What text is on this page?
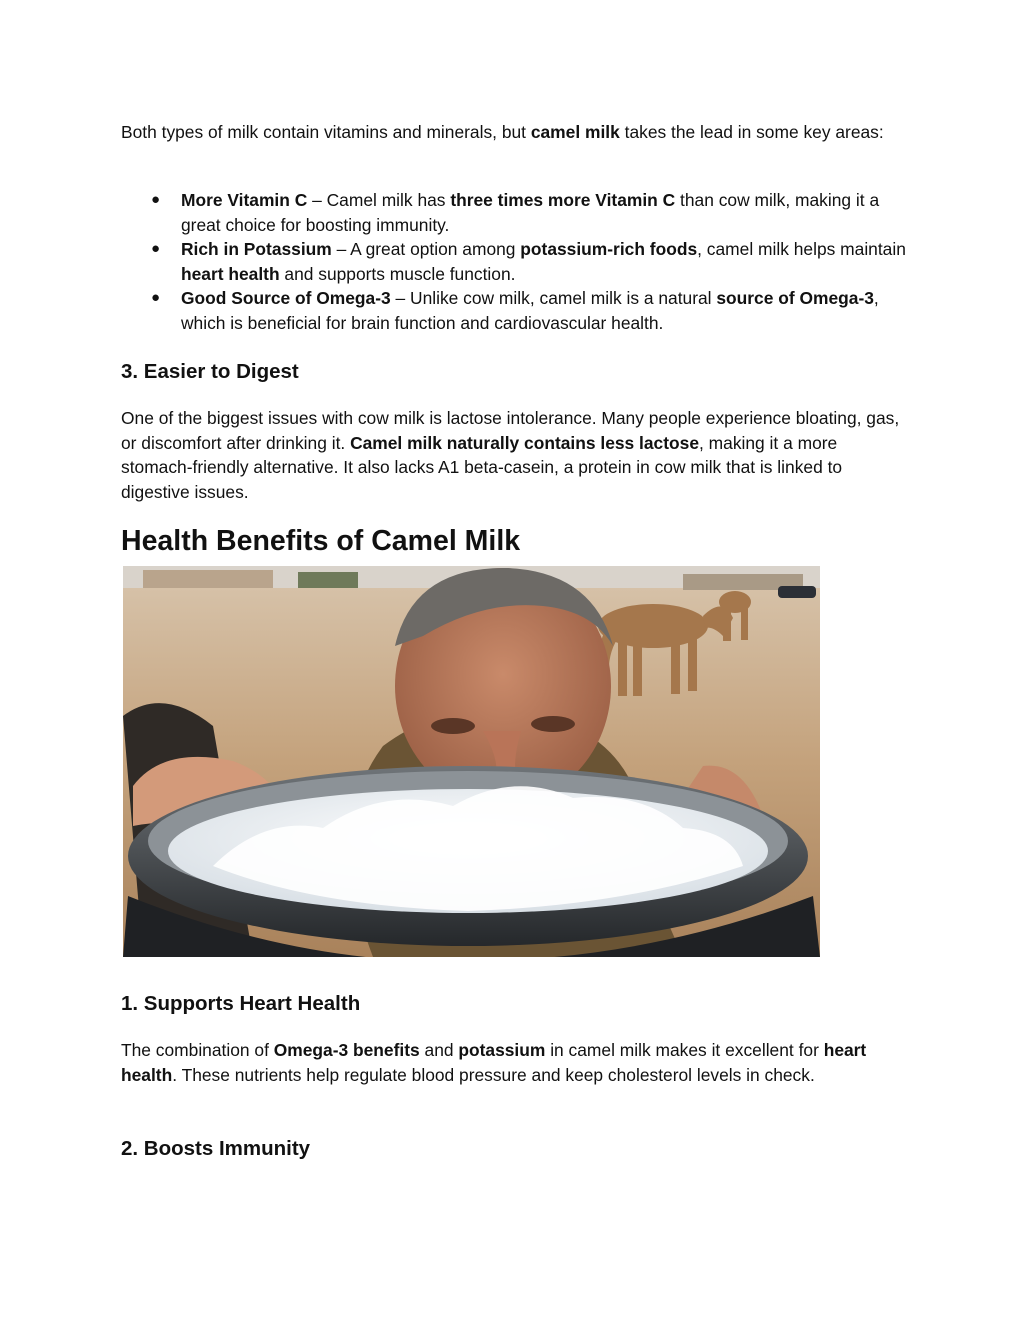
Both types of milk contain vitamins and minerals, but camel milk takes the lead in some key areas:

● More Vitamin C – Camel milk has three times more Vitamin C than cow milk, making it a great choice for boosting immunity.

● Rich in Potassium – A great option among potassium-rich foods, camel milk helps maintain heart health and supports muscle function.

● Good Source of Omega-3 – Unlike cow milk, camel milk is a natural source of Omega-3, which is beneficial for brain function and cardiovascular health.

3. Easier to Digest

One of the biggest issues with cow milk is lactose intolerance. Many people experience bloating, gas, or discomfort after drinking it. Camel milk naturally contains less lactose, making it a more stomach-friendly alternative. It also lacks A1 beta-casein, a protein in cow milk that is linked to digestive issues.

Health Benefits of Camel Milk
1. Supports Heart Health

The combination of Omega-3 benefits and potassium in camel milk makes it excellent for heart health. These nutrients help regulate blood pressure and keep cholesterol levels in check.

2. Boosts Immunity
